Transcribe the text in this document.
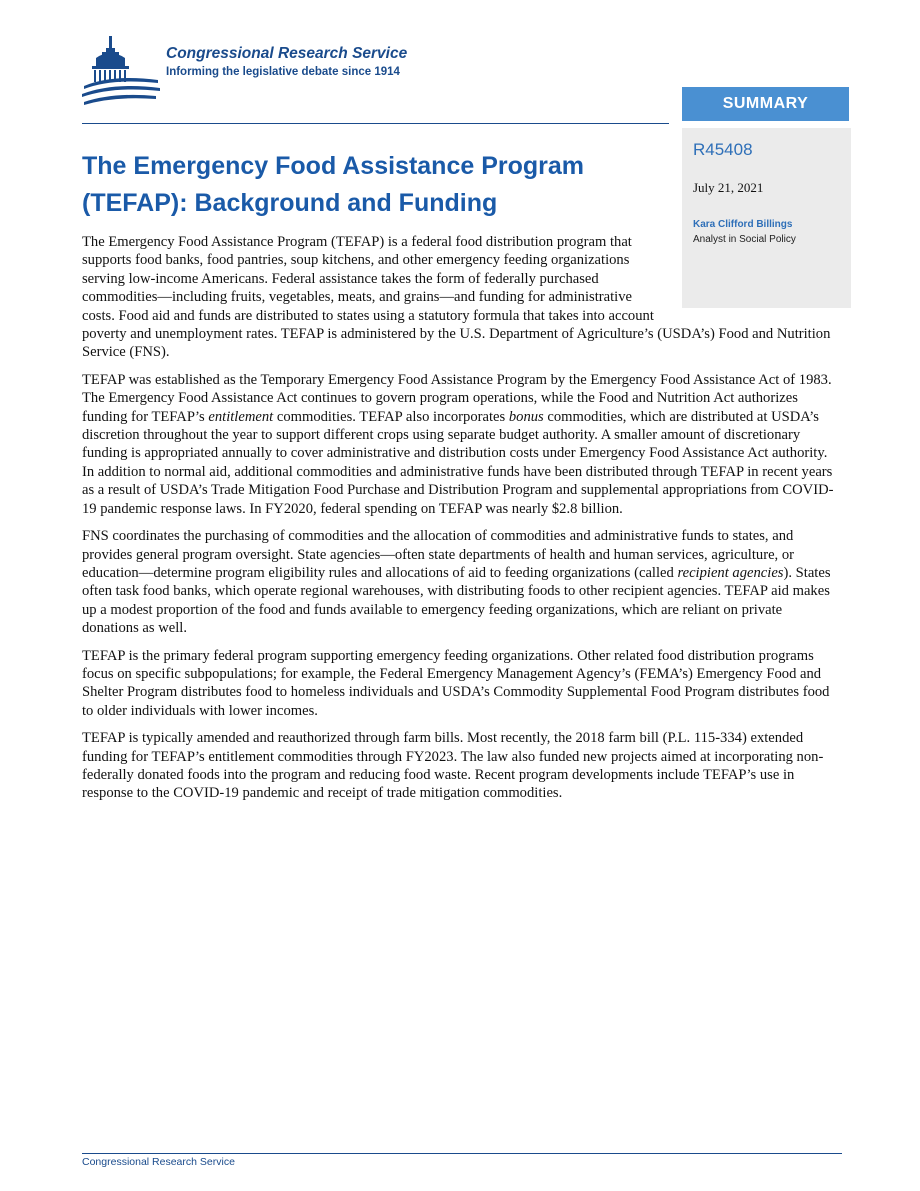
Congressional Research Service
Informing the legislative debate since 1914
SUMMARY
R45408
July 21, 2021
Kara Clifford Billings
Analyst in Social Policy
The Emergency Food Assistance Program
(TEFAP): Background and Funding

The Emergency Food Assistance Program (TEFAP) is a federal food distribution program that supports food banks, food pantries, soup kitchens, and other emergency feeding organizations serving low-income Americans. Federal assistance takes the form of federally purchased commodities—including fruits, vegetables, meats, and grains—and funding for administrative costs. Food aid and funds are distributed to states using a statutory formula that takes into account poverty and unemployment rates. TEFAP is administered by the U.S. Department of Agriculture’s (USDA’s) Food and Nutrition Service (FNS).

TEFAP was established as the Temporary Emergency Food Assistance Program by the Emergency Food Assistance Act of 1983. The Emergency Food Assistance Act continues to govern program operations, while the Food and Nutrition Act authorizes funding for TEFAP’s entitlement commodities. TEFAP also incorporates bonus commodities, which are distributed at USDA’s discretion throughout the year to support different crops using separate budget authority. A smaller amount of discretionary funding is appropriated annually to cover administrative and distribution costs under Emergency Food Assistance Act authority. In addition to normal aid, additional commodities and administrative funds have been distributed through TEFAP in recent years as a result of USDA’s Trade Mitigation Food Purchase and Distribution Program and supplemental appropriations from COVID-19 pandemic response laws. In FY2020, federal spending on TEFAP was nearly $2.8 billion.

FNS coordinates the purchasing of commodities and the allocation of commodities and administrative funds to states, and provides general program oversight. State agencies—often state departments of health and human services, agriculture, or education—determine program eligibility rules and allocations of aid to feeding organizations (called recipient agencies). States often task food banks, which operate regional warehouses, with distributing foods to other recipient agencies. TEFAP aid makes up a modest proportion of the food and funds available to emergency feeding organizations, which are reliant on private donations as well.

TEFAP is the primary federal program supporting emergency feeding organizations. Other related food distribution programs focus on specific subpopulations; for example, the Federal Emergency Management Agency’s (FEMA’s) Emergency Food and Shelter Program distributes food to homeless individuals and USDA’s Commodity Supplemental Food Program distributes food to older individuals with lower incomes.

TEFAP is typically amended and reauthorized through farm bills. Most recently, the 2018 farm bill (P.L. 115-334) extended funding for TEFAP’s entitlement commodities through FY2023. The law also funded new projects aimed at incorporating non-federally donated foods into the program and reducing food waste. Recent program developments include TEFAP’s use in response to the COVID-19 pandemic and receipt of trade mitigation commodities.

Congressional Research Service
